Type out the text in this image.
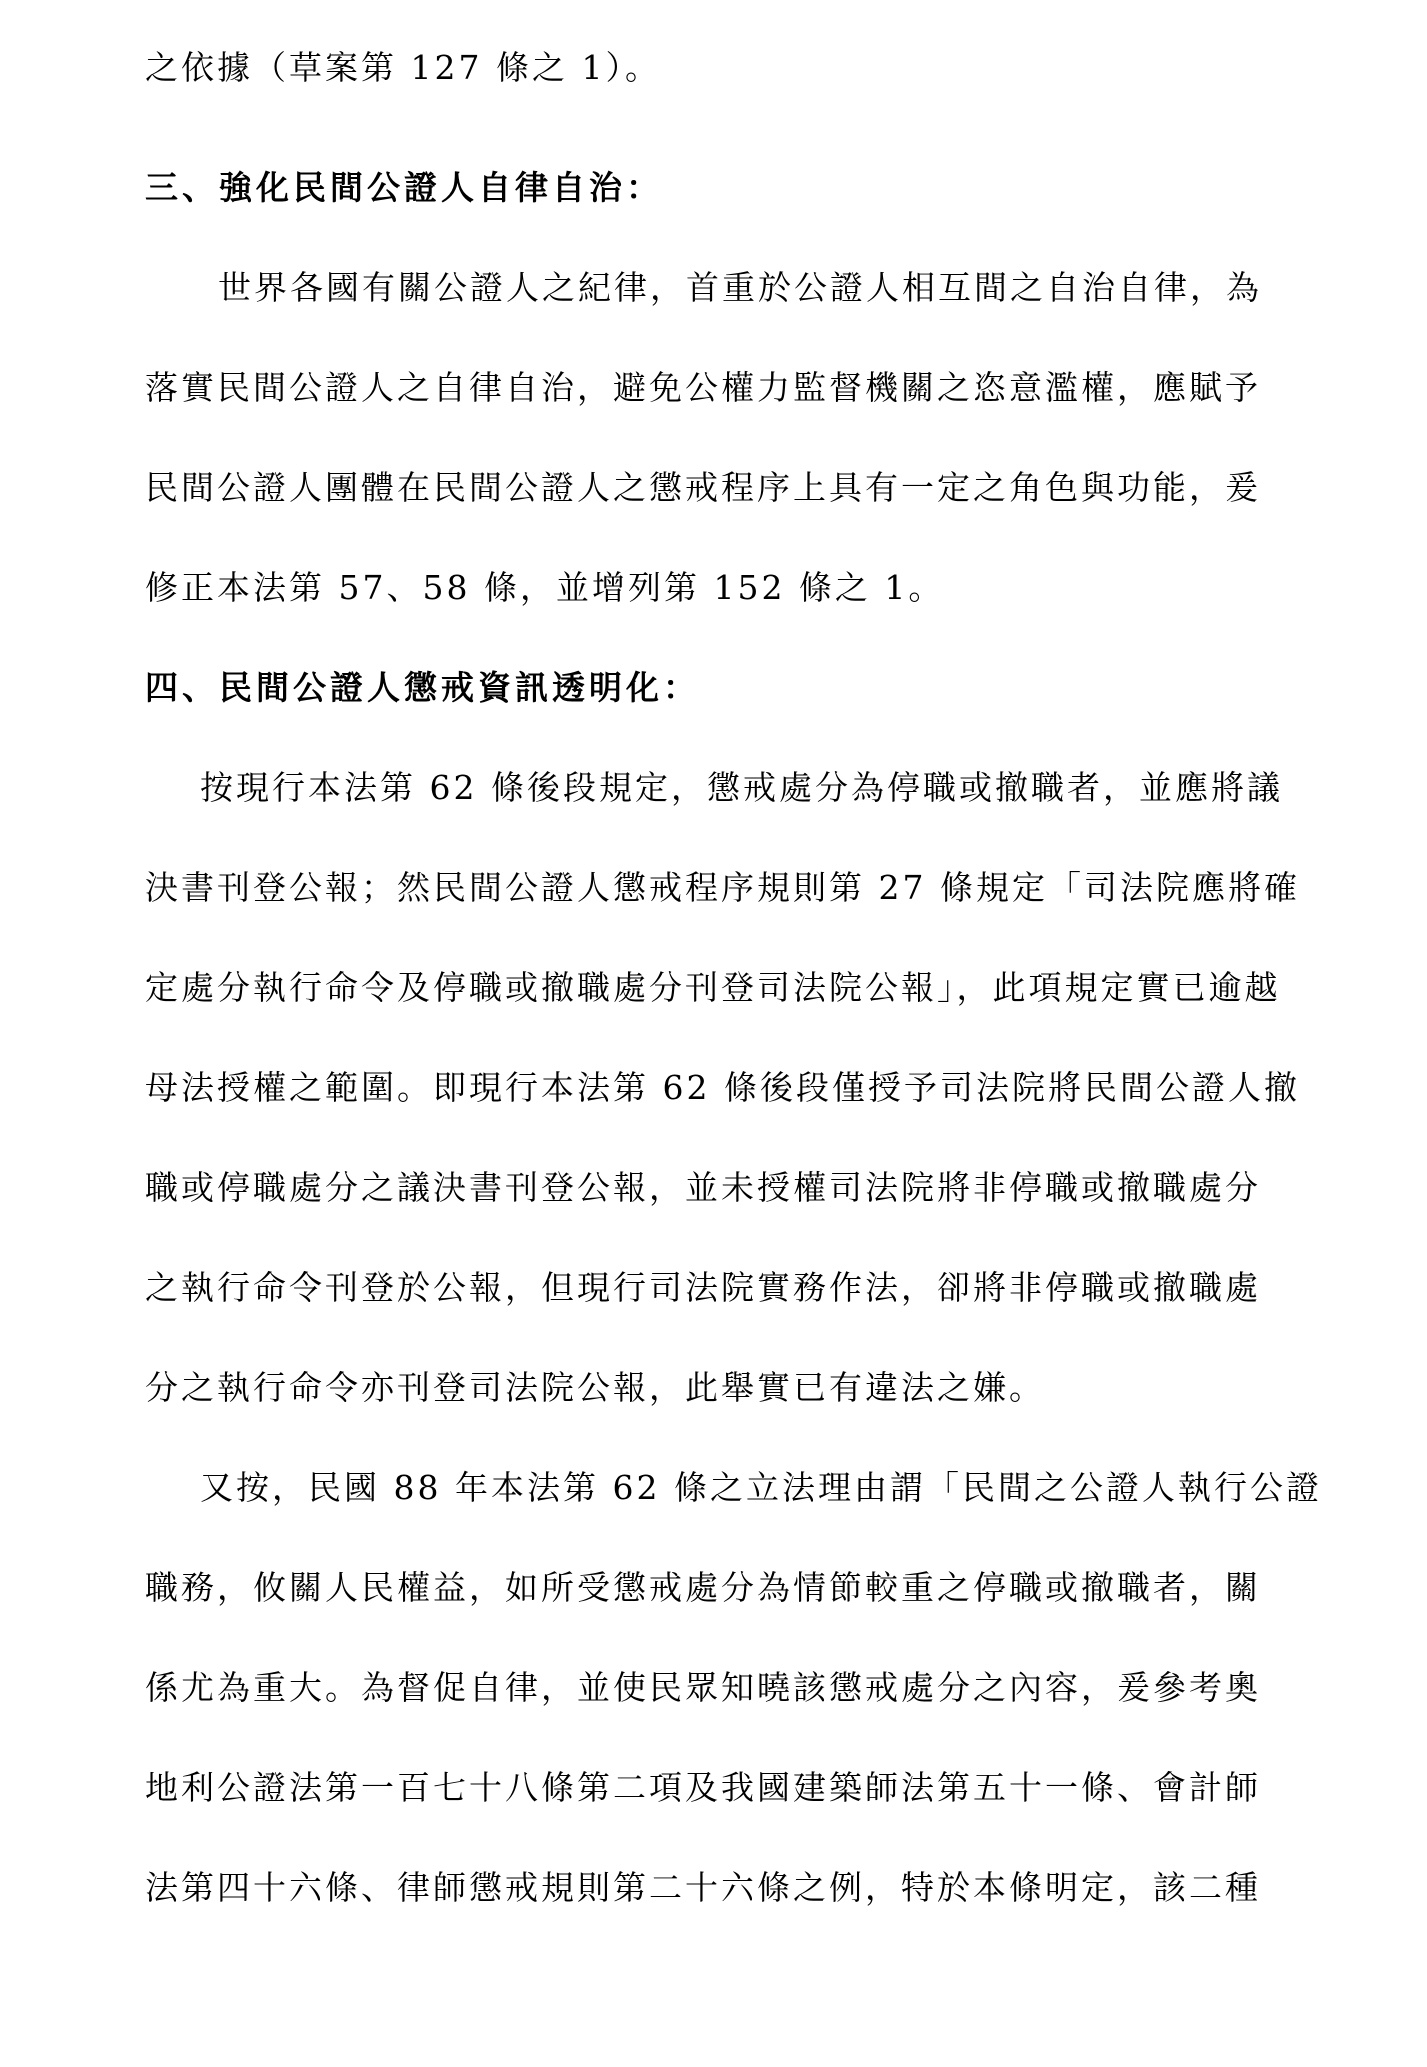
之依據（草案第 127 條之 1）。
三、強化民間公證人自律自治：
世界各國有關公證人之紀律，首重於公證人相互間之自治自律，為
落實民間公證人之自律自治，避免公權力監督機關之恣意濫權，應賦予
民間公證人團體在民間公證人之懲戒程序上具有一定之角色與功能，爰
修正本法第 57、58 條，並增列第 152 條之 1。
四、民間公證人懲戒資訊透明化：
按現行本法第 62 條後段規定，懲戒處分為停職或撤職者，並應將議
決書刊登公報；然民間公證人懲戒程序規則第 27 條規定「司法院應將確
定處分執行命令及停職或撤職處分刊登司法院公報」，此項規定實已逾越
母法授權之範圍。即現行本法第 62 條後段僅授予司法院將民間公證人撤
職或停職處分之議決書刊登公報，並未授權司法院將非停職或撤職處分
之執行命令刊登於公報，但現行司法院實務作法，卻將非停職或撤職處
分之執行命令亦刊登司法院公報，此舉實已有違法之嫌。
又按，民國 88 年本法第 62 條之立法理由謂「民間之公證人執行公證
職務，攸關人民權益，如所受懲戒處分為情節較重之停職或撤職者，關
係尤為重大。為督促自律，並使民眾知曉該懲戒處分之內容，爰參考奧
地利公證法第一百七十八條第二項及我國建築師法第五十一條、會計師
法第四十六條、律師懲戒規則第二十六條之例，特於本條明定，該二種
